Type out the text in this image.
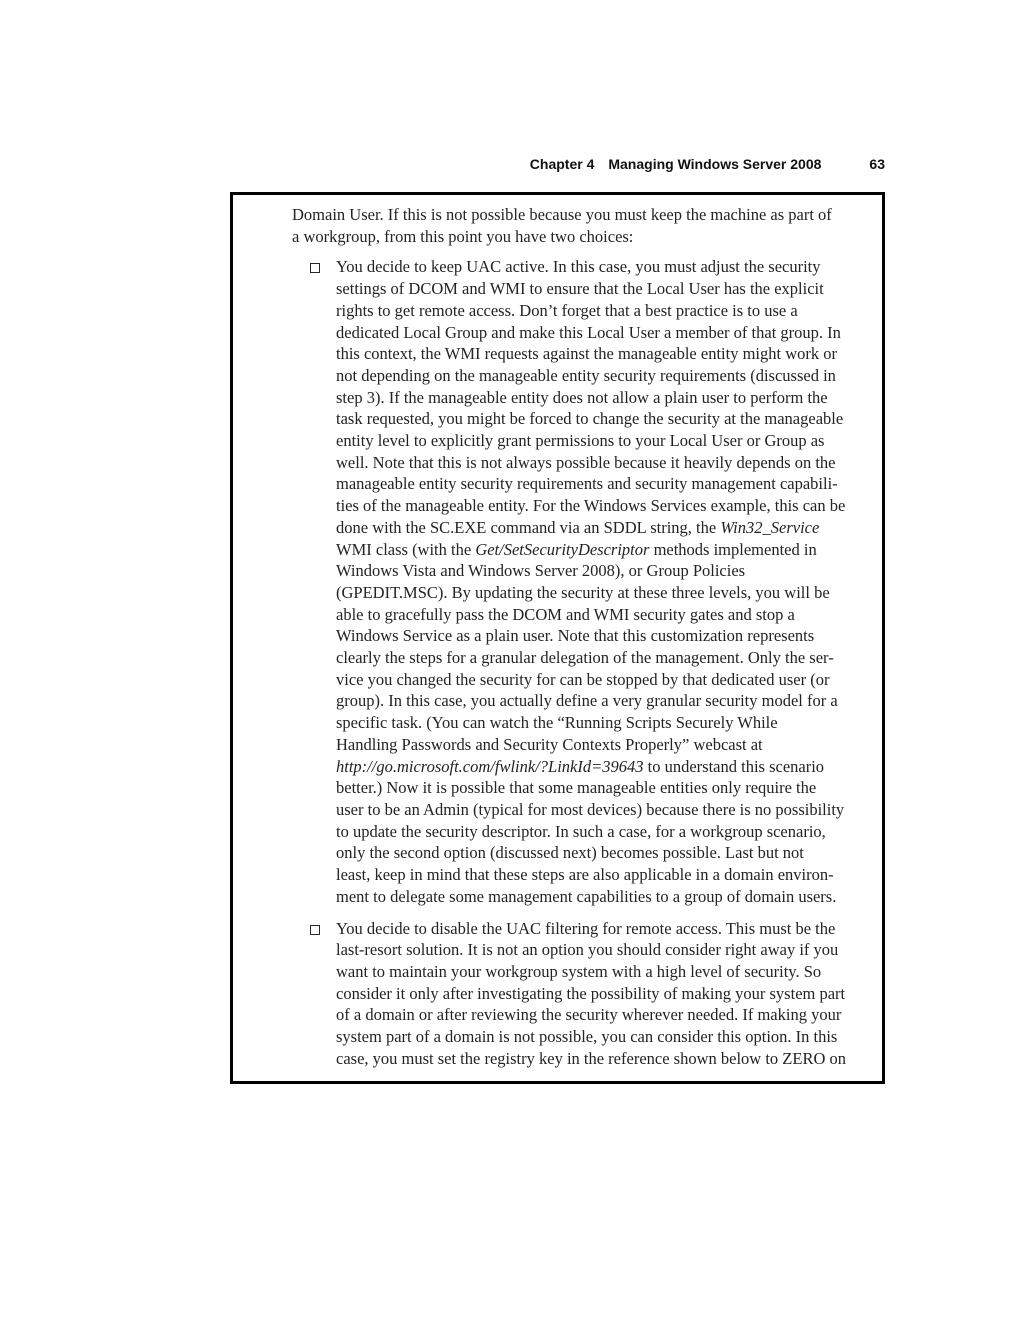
Chapter 4 Managing Windows Server 2008	63
Domain User. If this is not possible because you must keep the machine as part of
a workgroup, from this point you have two choices:
You decide to keep UAC active. In this case, you must adjust the security
settings of DCOM and WMI to ensure that the Local User has the explicit
rights to get remote access. Don’t forget that a best practice is to use a
dedicated Local Group and make this Local User a member of that group. In
this context, the WMI requests against the manageable entity might work or
not depending on the manageable entity security requirements (discussed in
step 3). If the manageable entity does not allow a plain user to perform the
task requested, you might be forced to change the security at the manageable
entity level to explicitly grant permissions to your Local User or Group as
well. Note that this is not always possible because it heavily depends on the
manageable entity security requirements and security management capabili-
ties of the manageable entity. For the Windows Services example, this can be
done with the SC.EXE command via an SDDL string, the Win32_Service
WMI class (with the Get/SetSecurityDescriptor methods implemented in
Windows Vista and Windows Server 2008), or Group Policies
(GPEDIT.MSC). By updating the security at these three levels, you will be
able to gracefully pass the DCOM and WMI security gates and stop a
Windows Service as a plain user. Note that this customization represents
clearly the steps for a granular delegation of the management. Only the ser-
vice you changed the security for can be stopped by that dedicated user (or
group). In this case, you actually define a very granular security model for a
specific task. (You can watch the “Running Scripts Securely While
Handling Passwords and Security Contexts Properly” webcast at
http://go.microsoft.com/fwlink/?LinkId=39643 to understand this scenario
better.) Now it is possible that some manageable entities only require the
user to be an Admin (typical for most devices) because there is no possibility
to update the security descriptor. In such a case, for a workgroup scenario,
only the second option (discussed next) becomes possible. Last but not
least, keep in mind that these steps are also applicable in a domain environ-
ment to delegate some management capabilities to a group of domain users.
You decide to disable the UAC filtering for remote access. This must be the
last-resort solution. It is not an option you should consider right away if you
want to maintain your workgroup system with a high level of security. So
consider it only after investigating the possibility of making your system part
of a domain or after reviewing the security wherever needed. If making your
system part of a domain is not possible, you can consider this option. In this
case, you must set the registry key in the reference shown below to ZERO on
